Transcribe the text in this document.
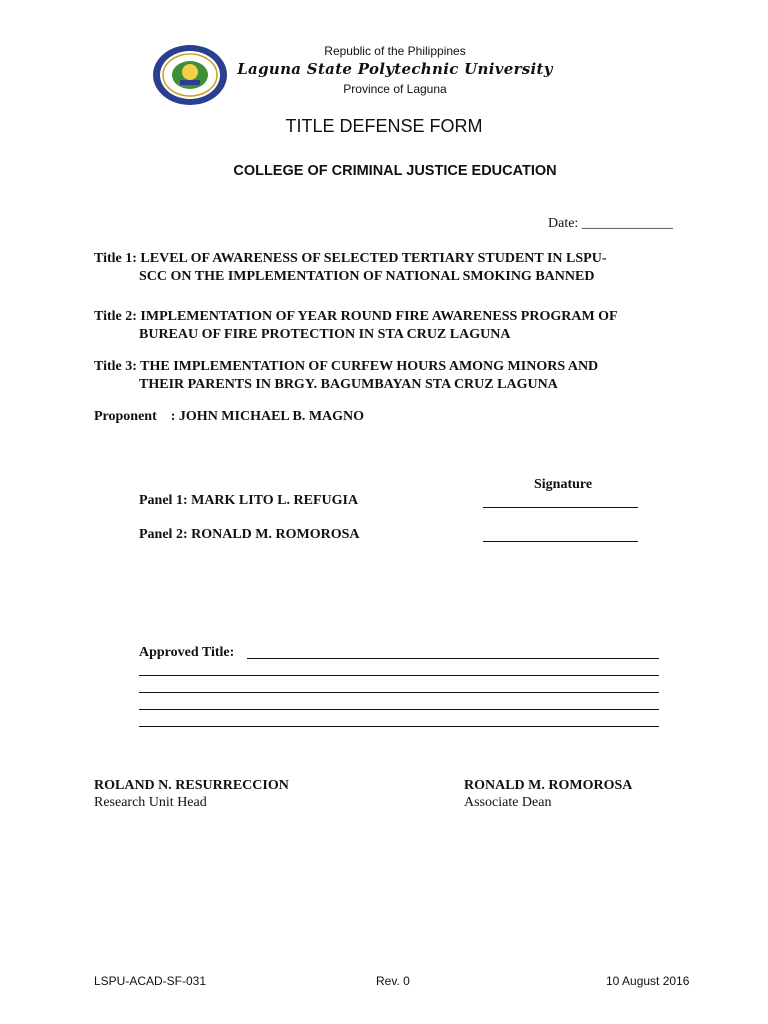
Republic of the Philippines
Laguna State Polytechnic University
Province of Laguna
TITLE DEFENSE FORM
COLLEGE OF CRIMINAL JUSTICE EDUCATION
Date: _____________
Title 1: LEVEL OF AWARENESS OF SELECTED TERTIARY STUDENT IN LSPU-
SCC ON THE IMPLEMENTATION OF NATIONAL SMOKING BANNED
Title 2: IMPLEMENTATION OF YEAR ROUND FIRE AWARENESS PROGRAM OF
BUREAU OF FIRE PROTECTION IN STA CRUZ LAGUNA
Title 3: THE IMPLEMENTATION OF CURFEW HOURS AMONG MINORS AND
THEIR PARENTS IN BRGY. BAGUMBAYAN STA CRUZ LAGUNA
Proponent    : JOHN MICHAEL B. MAGNO
Signature
Panel 1: MARK LITO L. REFUGIA
Panel 2: RONALD M. ROMOROSA
Approved Title:
ROLAND N. RESURRECCION
Research Unit Head
RONALD M. ROMOROSA
Associate Dean
LSPU-ACAD-SF-031	Rev. 0	10 August 2016
